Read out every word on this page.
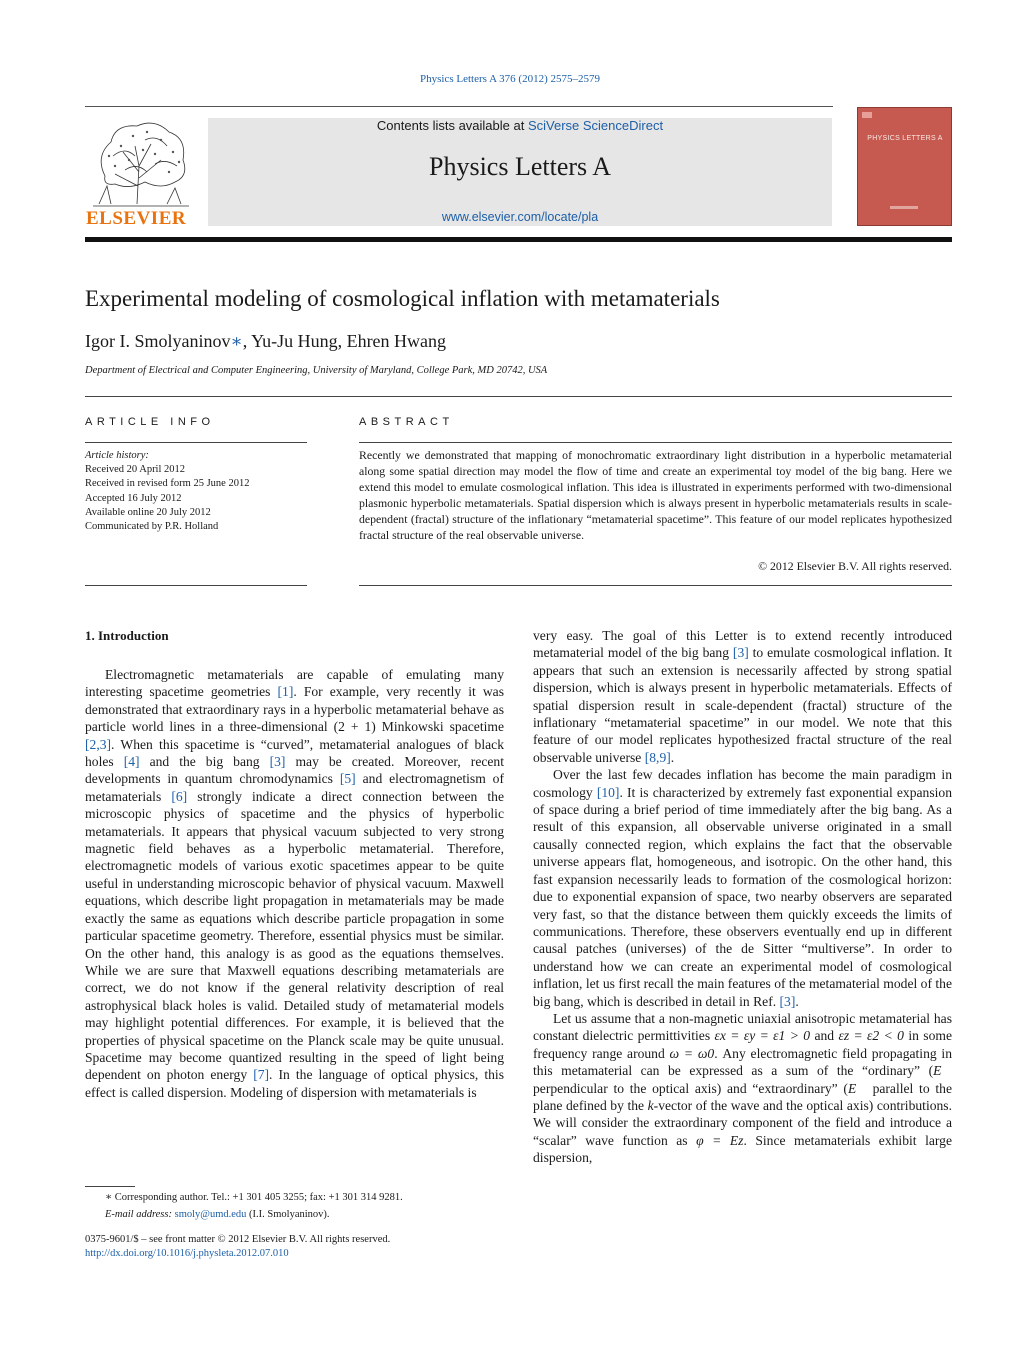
Physics Letters A 376 (2012) 2575–2579
ELSEVIER
Contents lists available at SciVerse ScienceDirect
Physics Letters A
www.elsevier.com/locate/pla
PHYSICS LETTERS A
Experimental modeling of cosmological inflation with metamaterials
Igor I. Smolyaninov∗, Yu-Ju Hung, Ehren Hwang
Department of Electrical and Computer Engineering, University of Maryland, College Park, MD 20742, USA
ARTICLE INFO	ABSTRACT
Article history:
Received 20 April 2012
Received in revised form 25 June 2012
Accepted 16 July 2012
Available online 20 July 2012
Communicated by P.R. Holland
Recently we demonstrated that mapping of monochromatic extraordinary light distribution in a hyperbolic metamaterial along some spatial direction may model the flow of time and create an experimental toy model of the big bang. Here we extend this model to emulate cosmological inflation. This idea is illustrated in experiments performed with two-dimensional plasmonic hyperbolic metamaterials. Spatial dispersion which is always present in hyperbolic metamaterials results in scale-dependent (fractal) structure of the inflationary “metamaterial spacetime”. This feature of our model replicates hypothesized fractal structure of the real observable universe.
© 2012 Elsevier B.V. All rights reserved.
1. Introduction

Electromagnetic metamaterials are capable of emulating many interesting spacetime geometries [1]. For example, very recently it was demonstrated that extraordinary rays in a hyperbolic metamaterial behave as particle world lines in a three-dimensional (2 + 1) Minkowski spacetime [2,3]. When this spacetime is “curved”, metamaterial analogues of black holes [4] and the big bang [3] may be created. Moreover, recent developments in quantum chromodynamics [5] and electromagnetism of metamaterials [6] strongly indicate a direct connection between the microscopic physics of spacetime and the physics of hyperbolic metamaterials. It appears that physical vacuum subjected to very strong magnetic field behaves as a hyperbolic metamaterial. Therefore, electromagnetic models of various exotic spacetimes appear to be quite useful in understanding microscopic behavior of physical vacuum. Maxwell equations, which describe light propagation in metamaterials may be made exactly the same as equations which describe particle propagation in some particular spacetime geometry. Therefore, essential physics must be similar. On the other hand, this analogy is as good as the equations themselves. While we are sure that Maxwell equations describing metamaterials are correct, we do not know if the general relativity description of real astrophysical black holes is valid. Detailed study of metamaterial models may highlight potential differences. For example, it is believed that the properties of physical spacetime on the Planck scale may be quite unusual. Spacetime may become quantized resulting in the speed of light being dependent on photon energy [7]. In the language of optical physics, this effect is called dispersion. Modeling of dispersion with metamaterials is

very easy. The goal of this Letter is to extend recently introduced metamaterial model of the big bang [3] to emulate cosmological inflation. It appears that such an extension is necessarily affected by strong spatial dispersion, which is always present in hyperbolic metamaterials. Effects of spatial dispersion result in scale-dependent (fractal) structure of the inflationary “metamaterial spacetime” in our model. We note that this feature of our model replicates hypothesized fractal structure of the real observable universe [8,9].

Over the last few decades inflation has become the main paradigm in cosmology [10]. It is characterized by extremely fast exponential expansion of space during a brief period of time immediately after the big bang. As a result of this expansion, all observable universe originated in a small causally connected region, which explains the fact that the observable universe appears flat, homogeneous, and isotropic. On the other hand, this fast expansion necessarily leads to formation of the cosmological horizon: due to exponential expansion of space, two nearby observers are separated very fast, so that the distance between them quickly exceeds the limits of communications. Therefore, these observers eventually end up in different causal patches (universes) of the de Sitter “multiverse”. In order to understand how we can create an experimental model of cosmological inflation, let us first recall the main features of the metamaterial model of the big bang, which is described in detail in Ref. [3].

Let us assume that a non-magnetic uniaxial anisotropic metamaterial has constant dielectric permittivities εx = εy = ε1 > 0 and εz = ε2 < 0 in some frequency range around ω = ω0. Any electromagnetic field propagating in this metamaterial can be expressed as a sum of the “ordinary” (E⃗ perpendicular to the optical axis) and “extraordinary” (E⃗ parallel to the plane defined by the k-vector of the wave and the optical axis) contributions. We will consider the extraordinary component of the field and introduce a “scalar” wave function as φ = Ez. Since metamaterials exhibit large dispersion,

∗ Corresponding author. Tel.: +1 301 405 3255; fax: +1 301 314 9281.
E-mail address: smoly@umd.edu (I.I. Smolyaninov).
0375-9601/$ – see front matter © 2012 Elsevier B.V. All rights reserved.
http://dx.doi.org/10.1016/j.physleta.2012.07.010
